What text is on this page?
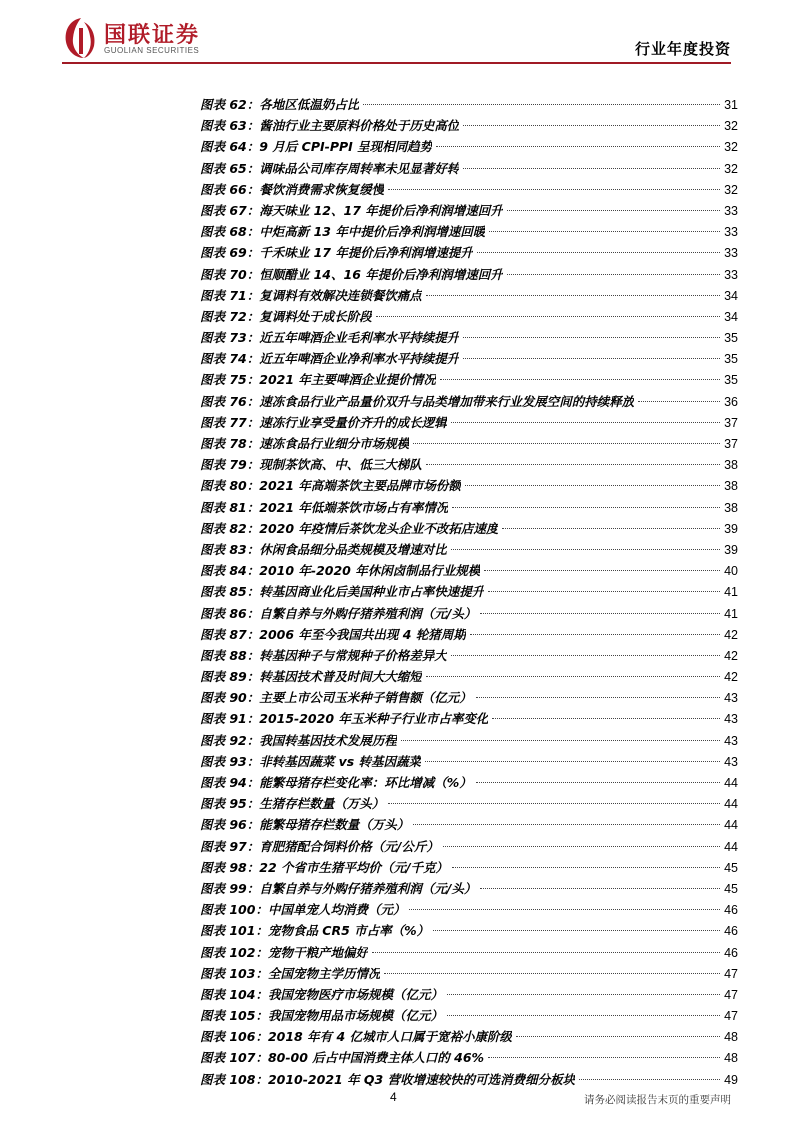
国联证券
GUOLIAN SECURITIES	行业年度投资
图表 62：各地区低温奶占比	31
图表 63：酱油行业主要原料价格处于历史高位	32
图表 64：9 月后 CPI-PPI 呈现相同趋势	32
图表 65：调味品公司库存周转率未见显著好转	32
图表 66：餐饮消费需求恢复缓慢	32
图表 67：海天味业 12、17 年提价后净利润增速回升	33
图表 68：中炬高新 13 年中提价后净利润增速回暖	33
图表 69：千禾味业 17 年提价后净利润增速提升	33
图表 70：恒顺醋业 14、16 年提价后净利润增速回升	33
图表 71：复调料有效解决连锁餐饮痛点	34
图表 72：复调料处于成长阶段	34
图表 73：近五年啤酒企业毛利率水平持续提升	35
图表 74：近五年啤酒企业净利率水平持续提升	35
图表 75：2021 年主要啤酒企业提价情况	35
图表 76：速冻食品行业产品量价双升与品类增加带来行业发展空间的持续释放	36
图表 77：速冻行业享受量价齐升的成长逻辑	37
图表 78：速冻食品行业细分市场规模	37
图表 79：现制茶饮高、中、低三大梯队	38
图表 80：2021 年高端茶饮主要品牌市场份额	38
图表 81：2021 年低端茶饮市场占有率情况	38
图表 82：2020 年疫情后茶饮龙头企业不改拓店速度	39
图表 83：休闲食品细分品类规模及增速对比	39
图表 84：2010 年-2020 年休闲卤制品行业规模	40
图表 85：转基因商业化后美国种业市占率快速提升	41
图表 86：自繁自养与外购仔猪养殖利润（元/头）	41
图表 87：2006 年至今我国共出现 4 轮猪周期	42
图表 88：转基因种子与常规种子价格差异大	42
图表 89：转基因技术普及时间大大缩短	42
图表 90：主要上市公司玉米种子销售额（亿元）	43
图表 91：2015-2020 年玉米种子行业市占率变化	43
图表 92：我国转基因技术发展历程	43
图表 93：非转基因蔬菜 vs 转基因蔬菜	43
图表 94：能繁母猪存栏变化率：环比增减（%）	44
图表 95：生猪存栏数量（万头）	44
图表 96：能繁母猪存栏数量（万头）	44
图表 97：育肥猪配合饲料价格（元/公斤）	44
图表 98：22 个省市生猪平均价（元/千克）	45
图表 99：自繁自养与外购仔猪养殖利润（元/头）	45
图表 100：中国单宠人均消费（元）	46
图表 101：宠物食品 CR5 市占率（%）	46
图表 102：宠物干粮产地偏好	46
图表 103：全国宠物主学历情况	47
图表 104：我国宠物医疗市场规模（亿元）	47
图表 105：我国宠物用品市场规模（亿元）	47
图表 106：2018 年有 4 亿城市人口属于宽裕小康阶级	48
图表 107：80-00 后占中国消费主体人口的 46%	48
图表 108：2010-2021 年 Q3 营收增速较快的可选消费细分板块	49
4	请务必阅读报告末页的重要声明
